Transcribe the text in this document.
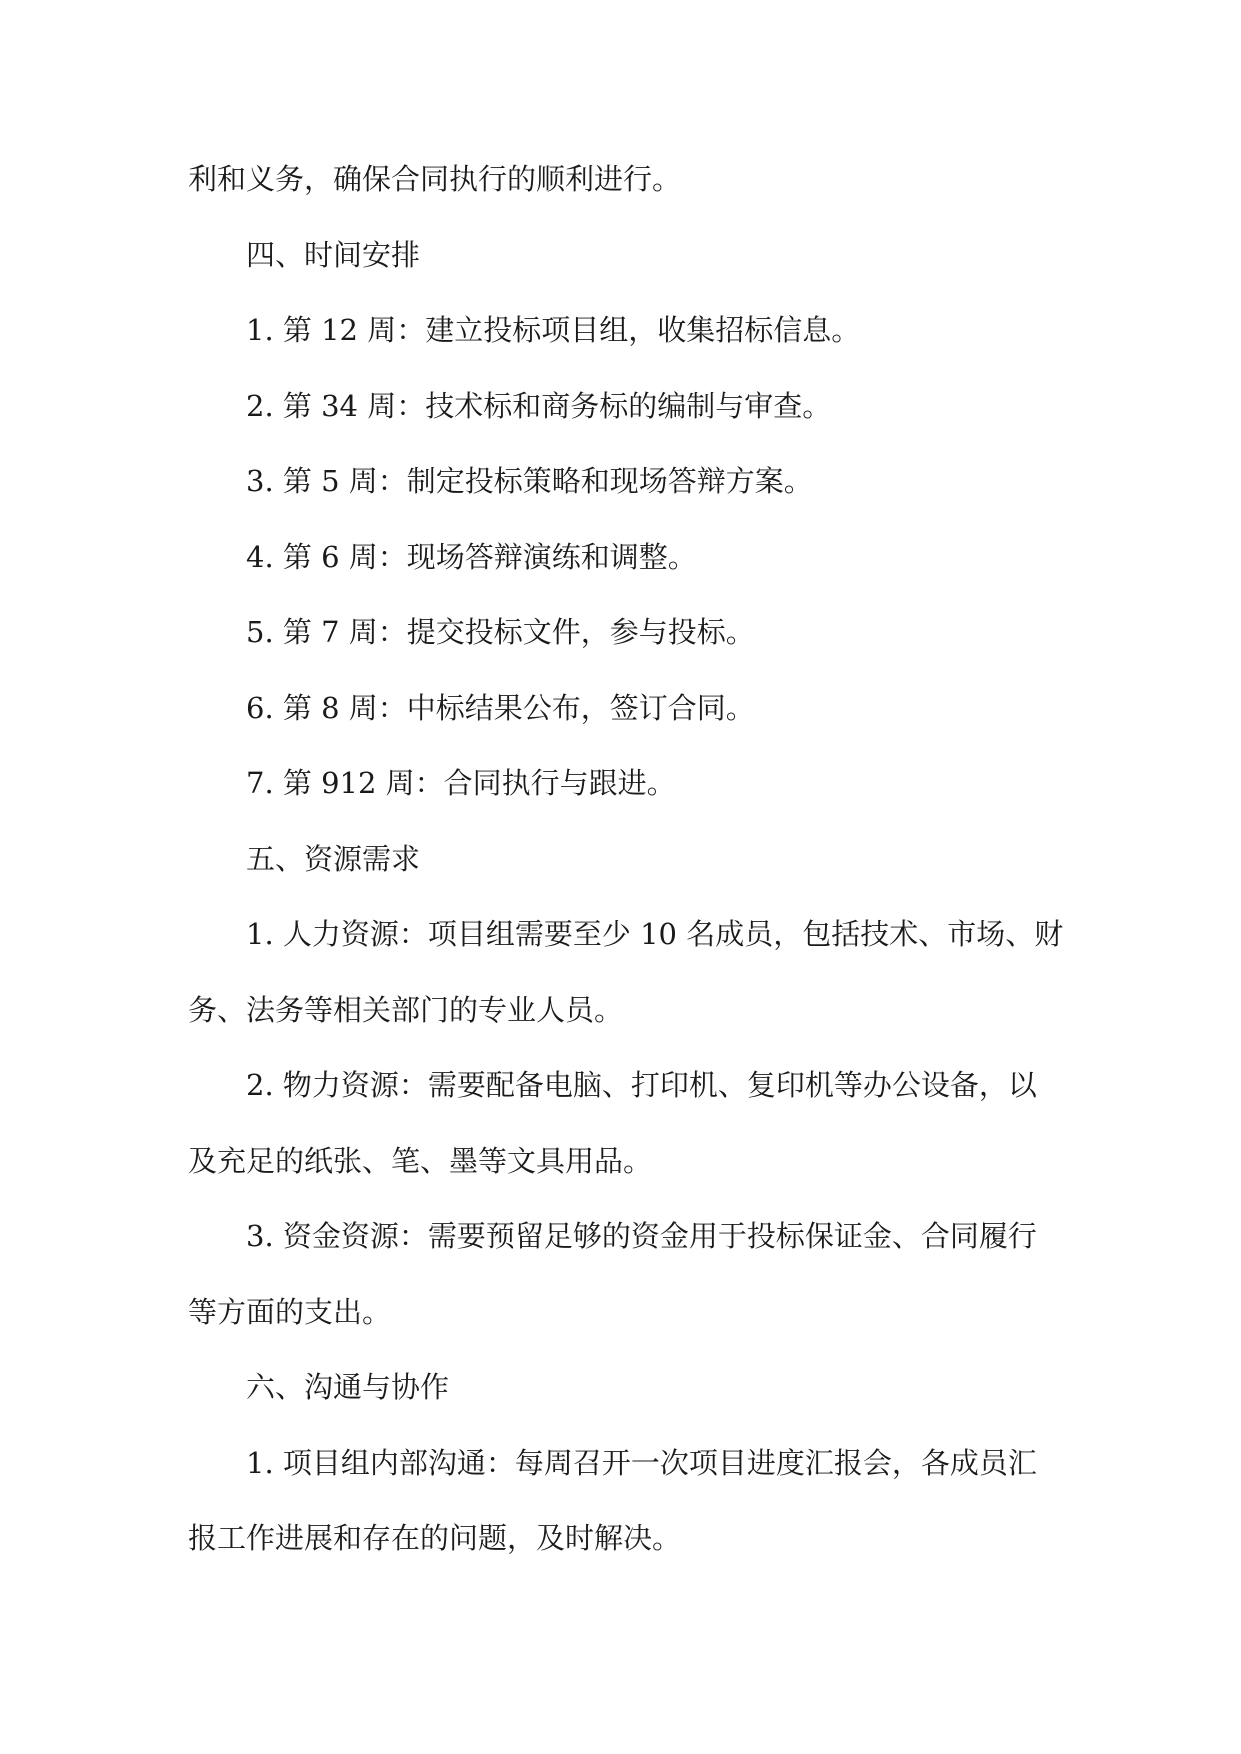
利和义务，确保合同执行的顺利进行。

四、时间安排

1. 第 12 周：建立投标项目组，收集招标信息。

2. 第 34 周：技术标和商务标的编制与审查。

3. 第 5 周：制定投标策略和现场答辩方案。

4. 第 6 周：现场答辩演练和调整。

5. 第 7 周：提交投标文件，参与投标。

6. 第 8 周：中标结果公布，签订合同。

7. 第 912 周：合同执行与跟进。

五、资源需求

1. 人力资源：项目组需要至少 10 名成员，包括技术、市场、财

务、法务等相关部门的专业人员。

2. 物力资源：需要配备电脑、打印机、复印机等办公设备，以

及充足的纸张、笔、墨等文具用品。

3. 资金资源：需要预留足够的资金用于投标保证金、合同履行

等方面的支出。

六、沟通与协作

1. 项目组内部沟通：每周召开一次项目进度汇报会，各成员汇

报工作进展和存在的问题，及时解决。
